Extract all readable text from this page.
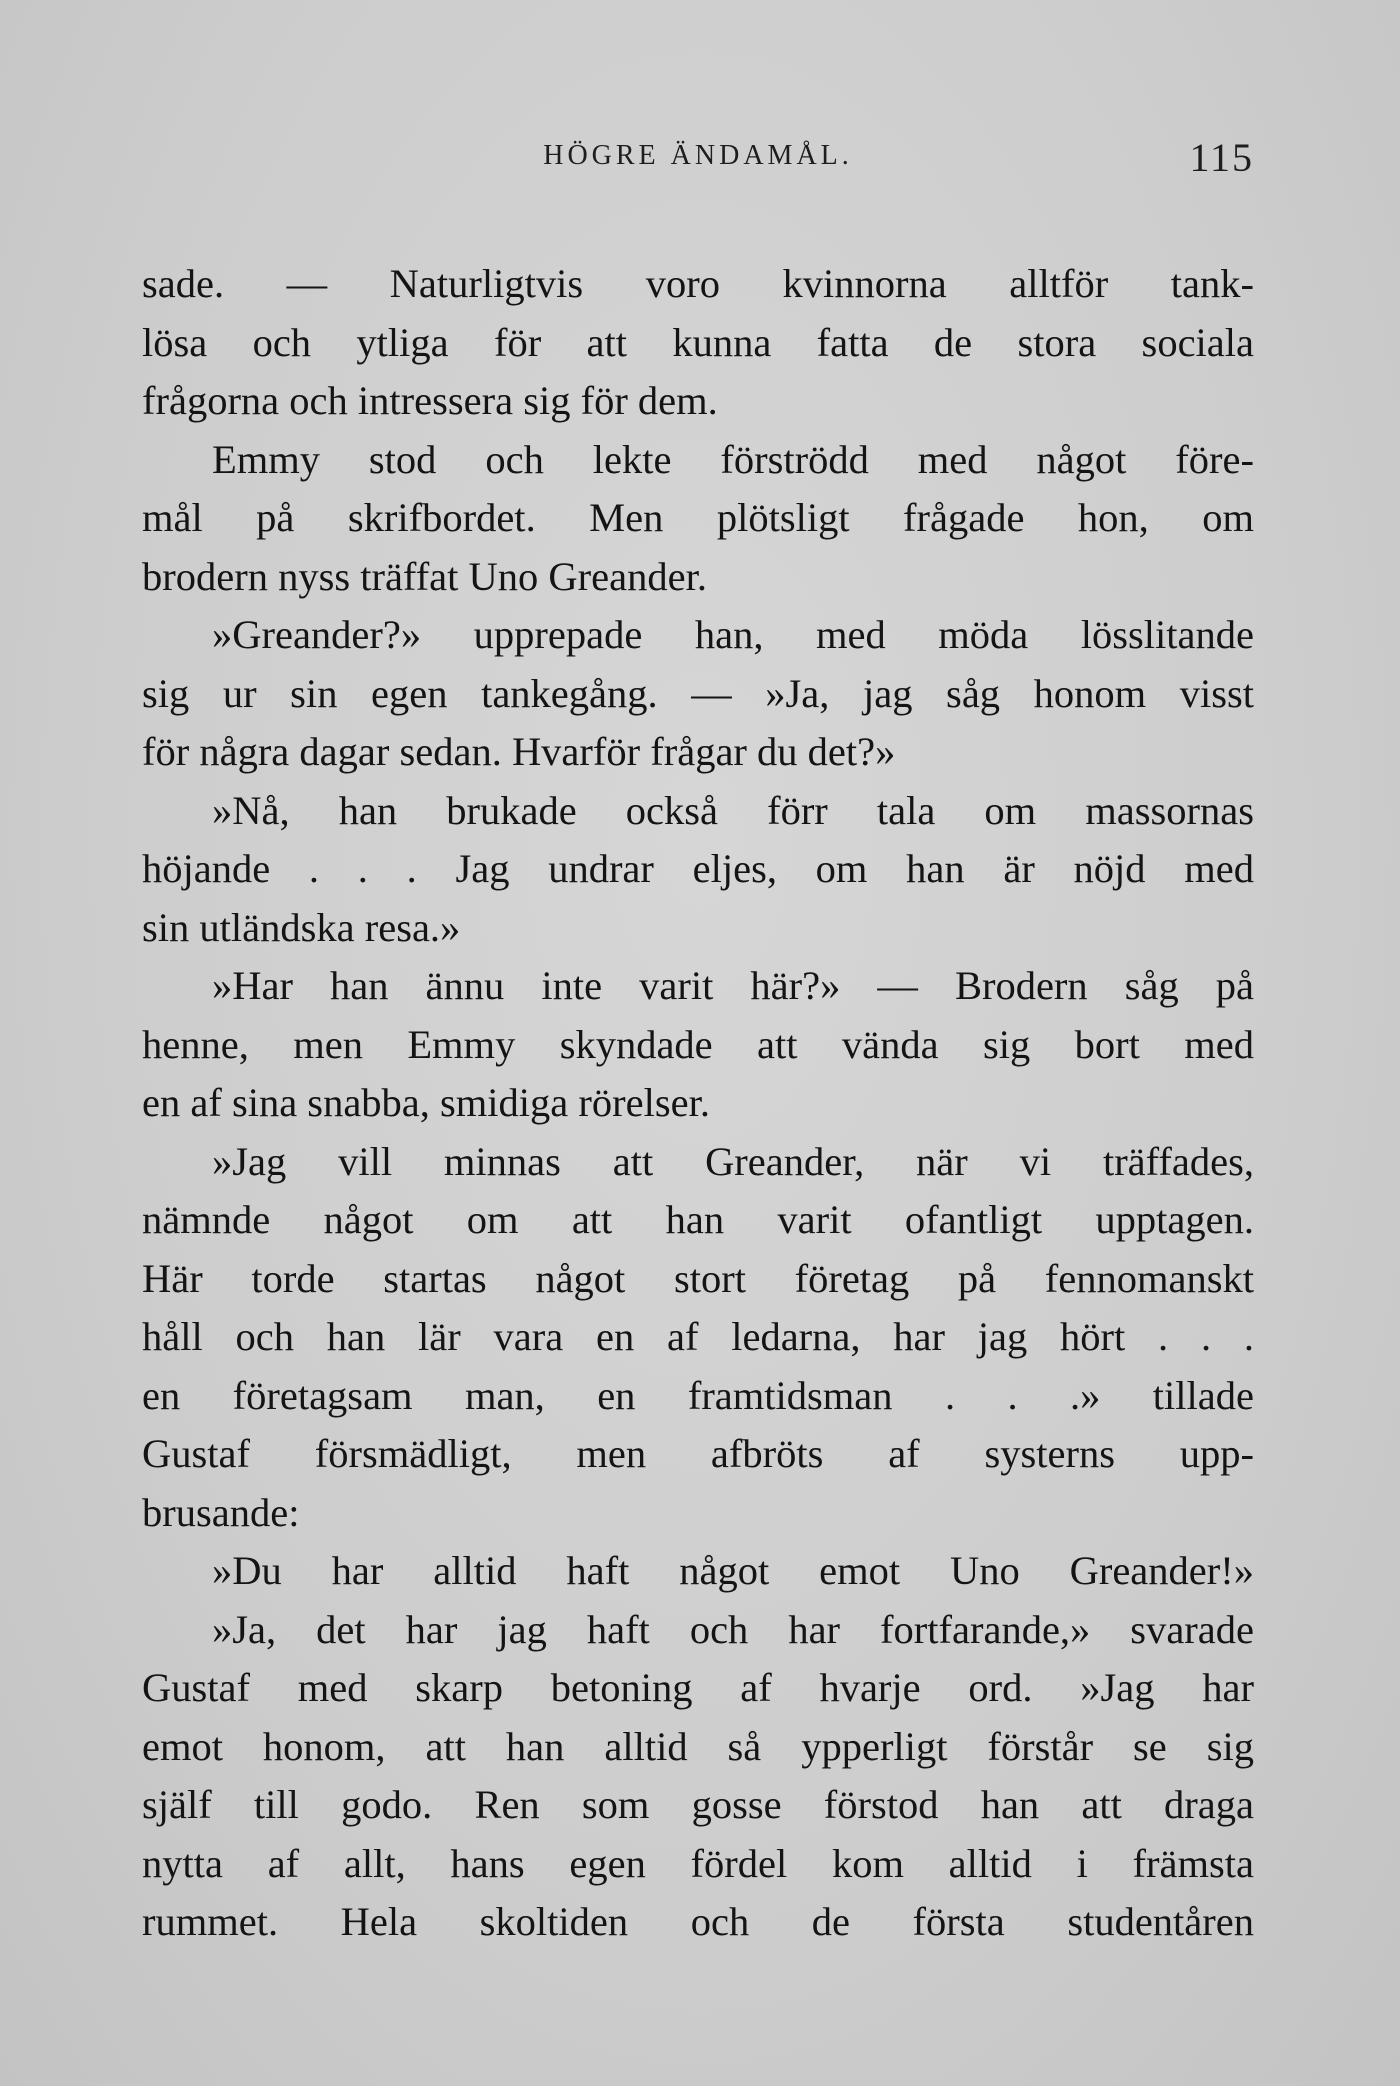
HÖGRE ÄNDAMÅL.	115
sade. — Naturligtvis voro kvinnorna alltför tank-
lösa och ytliga för att kunna fatta de stora sociala
frågorna och intressera sig för dem.
Emmy stod och lekte förströdd med något före-
mål på skrifbordet. Men plötsligt frågade hon, om
brodern nyss träffat Uno Greander.
»Greander?» upprepade han, med möda lösslitande
sig ur sin egen tankegång. — »Ja, jag såg honom visst
för några dagar sedan. Hvarför frågar du det?»
»Nå, han brukade också förr tala om massornas
höjande . . . Jag undrar eljes, om han är nöjd med
sin utländska resa.»
»Har han ännu inte varit här?» — Brodern såg på
henne, men Emmy skyndade att vända sig bort med
en af sina snabba, smidiga rörelser.
»Jag vill minnas att Greander, när vi träffades,
nämnde något om att han varit ofantligt upptagen.
Här torde startas något stort företag på fennomanskt
håll och han lär vara en af ledarna, har jag hört . . .
en företagsam man, en framtidsman . . .» tillade
Gustaf försmädligt, men afbröts af systerns upp-
brusande:
»Du har alltid haft något emot Uno Greander!»
»Ja, det har jag haft och har fortfarande,» svarade
Gustaf med skarp betoning af hvarje ord. »Jag har
emot honom, att han alltid så ypperligt förstår se sig
själf till godo. Ren som gosse förstod han att draga
nytta af allt, hans egen fördel kom alltid i främsta
rummet. Hela skoltiden och de första studentåren
